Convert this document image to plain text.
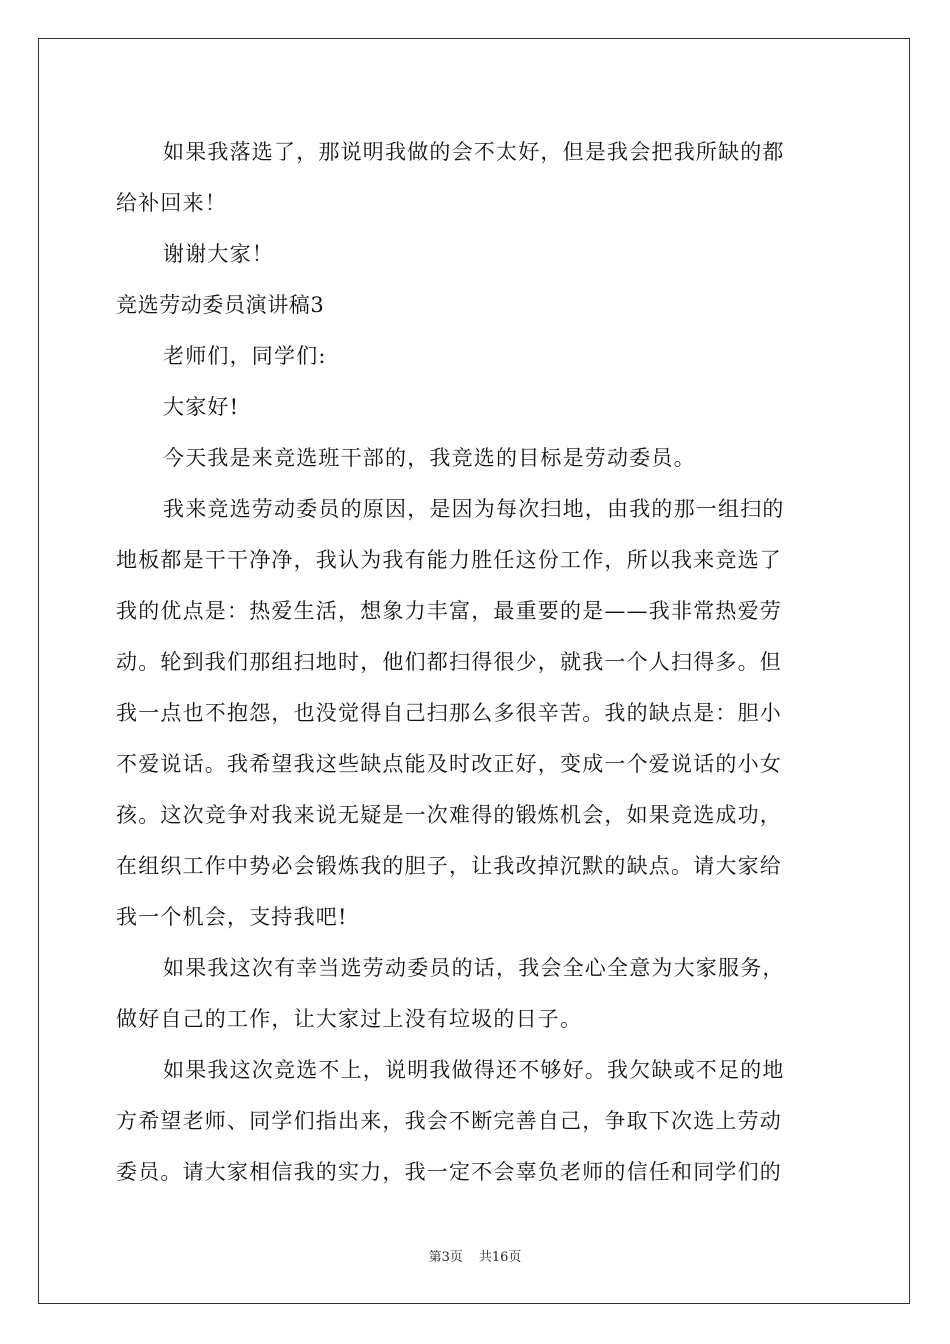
如果我落选了，那说明我做的会不太好，但是我会把我所缺的都
给补回来！
谢谢大家！
竞选劳动委员演讲稿3
老师们，同学们:
大家好!
今天我是来竞选班干部的，我竞选的目标是劳动委员。
我来竞选劳动委员的原因，是因为每次扫地，由我的那一组扫的
地板都是干干净净，我认为我有能力胜任这份工作，所以我来竞选了
我的优点是：热爱生活，想象力丰富，最重要的是——我非常热爱劳
动。轮到我们那组扫地时，他们都扫得很少，就我一个人扫得多。但
我一点也不抱怨，也没觉得自己扫那么多很辛苦。我的缺点是：胆小
不爱说话。我希望我这些缺点能及时改正好，变成一个爱说话的小女
孩。这次竞争对我来说无疑是一次难得的锻炼机会，如果竞选成功，
在组织工作中势必会锻炼我的胆子，让我改掉沉默的缺点。请大家给
我一个机会，支持我吧!
如果我这次有幸当选劳动委员的话，我会全心全意为大家服务，
做好自己的工作，让大家过上没有垃圾的日子。
如果我这次竞选不上，说明我做得还不够好。我欠缺或不足的地
方希望老师、同学们指出来，我会不断完善自己，争取下次选上劳动
委员。请大家相信我的实力，我一定不会辜负老师的信任和同学们的
第3页 共16页
